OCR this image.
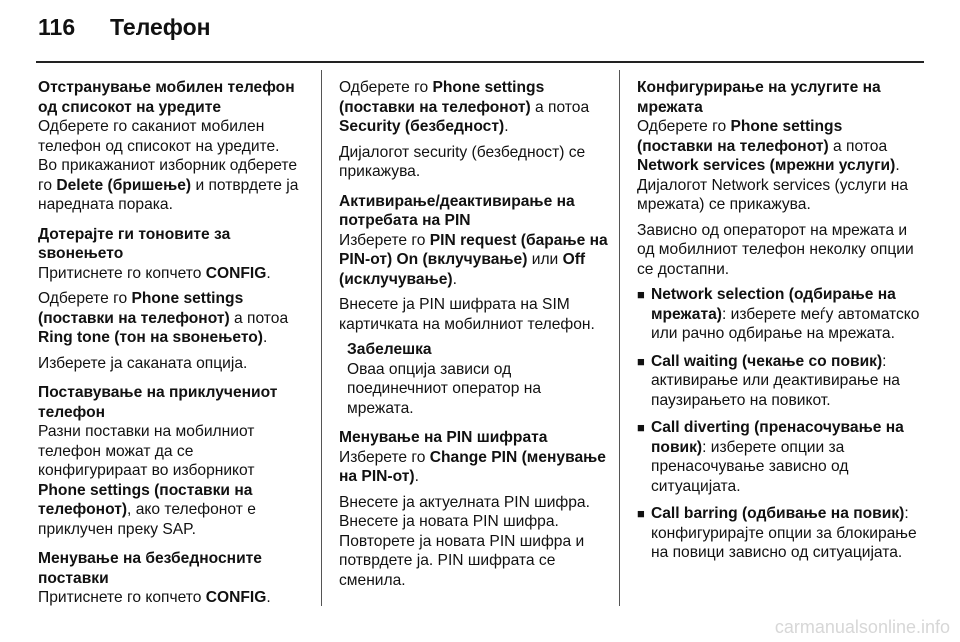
116 Телефон
Отстранување мобилен телефон од списокот на уредите

Одберете го саканиот мобилен телефон од списокот на уредите. Во прикажаниот изборник одберете го Delete (бришење) и потврдете ја наредната порака.

Дотерајте ги тоновите за ѕвонењето

Притиснете го копчето CONFIG.

Одберете го Phone settings (поставки на телефонот) а потоа Ring tone (тон на ѕвонењето).

Изберете ја саканата опција.

Поставување на приклучениот телефон

Разни поставки на мобилниот телефон можат да се конфигурираат во изборникот Phone settings (поставки на телефонот), ако телефонот е приклучен преку SAP.

Менување на безбедносните поставки

Притиснете го копчето CONFIG.

Одберете го Phone settings (поставки на телефонот) а потоа Security (безбедност).

Дијалогот security (безбедност) се прикажува.

Активирање/деактивирање на потребата на PIN

Изберете го PIN request (барање на PIN-от) On (вклучување) или Off (исклучување).

Внесете ја PIN шифрата на SIM картичката на мобилниот телефон.

Забелешка
Оваа опција зависи од поединечниот оператор на мрежата.
Менување на PIN шифрата

Изберете го Change PIN (менување на PIN-от).

Внесете ја актуелната PIN шифра. Внесете ја новата PIN шифра. Повторете ја новата PIN шифра и потврдете ја. PIN шифрата се сменила.

Конфигурирање на услугите на мрежата

Одберете го Phone settings (поставки на телефонот) а потоа Network services (мрежни услуги). Дијалогот Network services (услуги на мрежата) се прикажува.

Зависно од операторот на мрежата и од мобилниот телефон неколку опции се достапни.

■ Network selection (одбирање на мрежата): изберете меѓу автоматско или рачно одбирање на мрежата.
■ Call waiting (чекање со повик): активирање или деактивирање на паузирањето на повикот.
■ Call diverting (пренасочување на повик): изберете опции за пренасочување зависно од ситуацијата.
■ Call barring (одбивање на повик): конфигурирајте опции за блокирање на повици зависно од ситуацијата.
carmanualsonline.info
